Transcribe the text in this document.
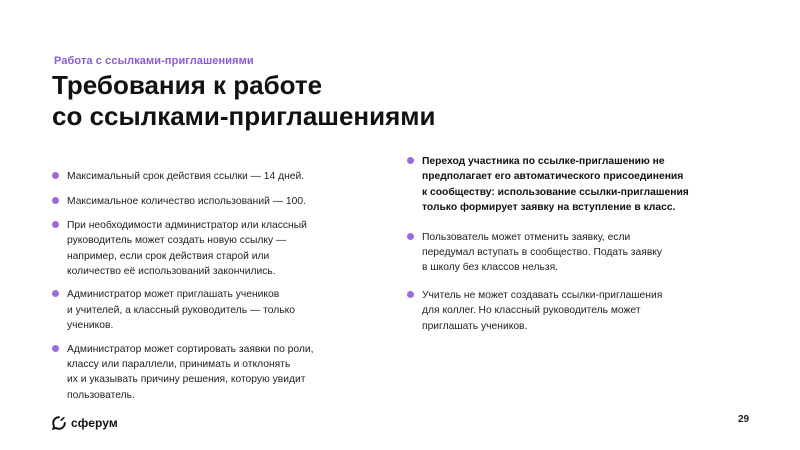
Работа с ссылками-приглашениями
Требования к работе
со ссылками-приглашениями
Максимальный срок действия ссылки — 14 дней.
Максимальное количество использований — 100.
При необходимости администратор или классный
руководитель может создать новую ссылку —
например, если срок действия старой или
количество её использований закончились.
Администратор может приглашать учеников
и учителей, а классный руководитель — только
учеников.
Администратор может сортировать заявки по роли,
классу или параллели, принимать и отклонять
их и указывать причину решения, которую увидит
пользователь.
Переход участника по ссылке-приглашению не
предполагает его автоматического присоединения
к сообществу: использование ссылки-приглашения
только формирует заявку на вступление в класс.
Пользователь может отменить заявку, если
передумал вступать в сообщество. Подать заявку
в школу без классов нельзя.
Учитель не может создавать ссылки-приглашения
для коллег. Но классный руководитель может
приглашать учеников.
сферум	29
